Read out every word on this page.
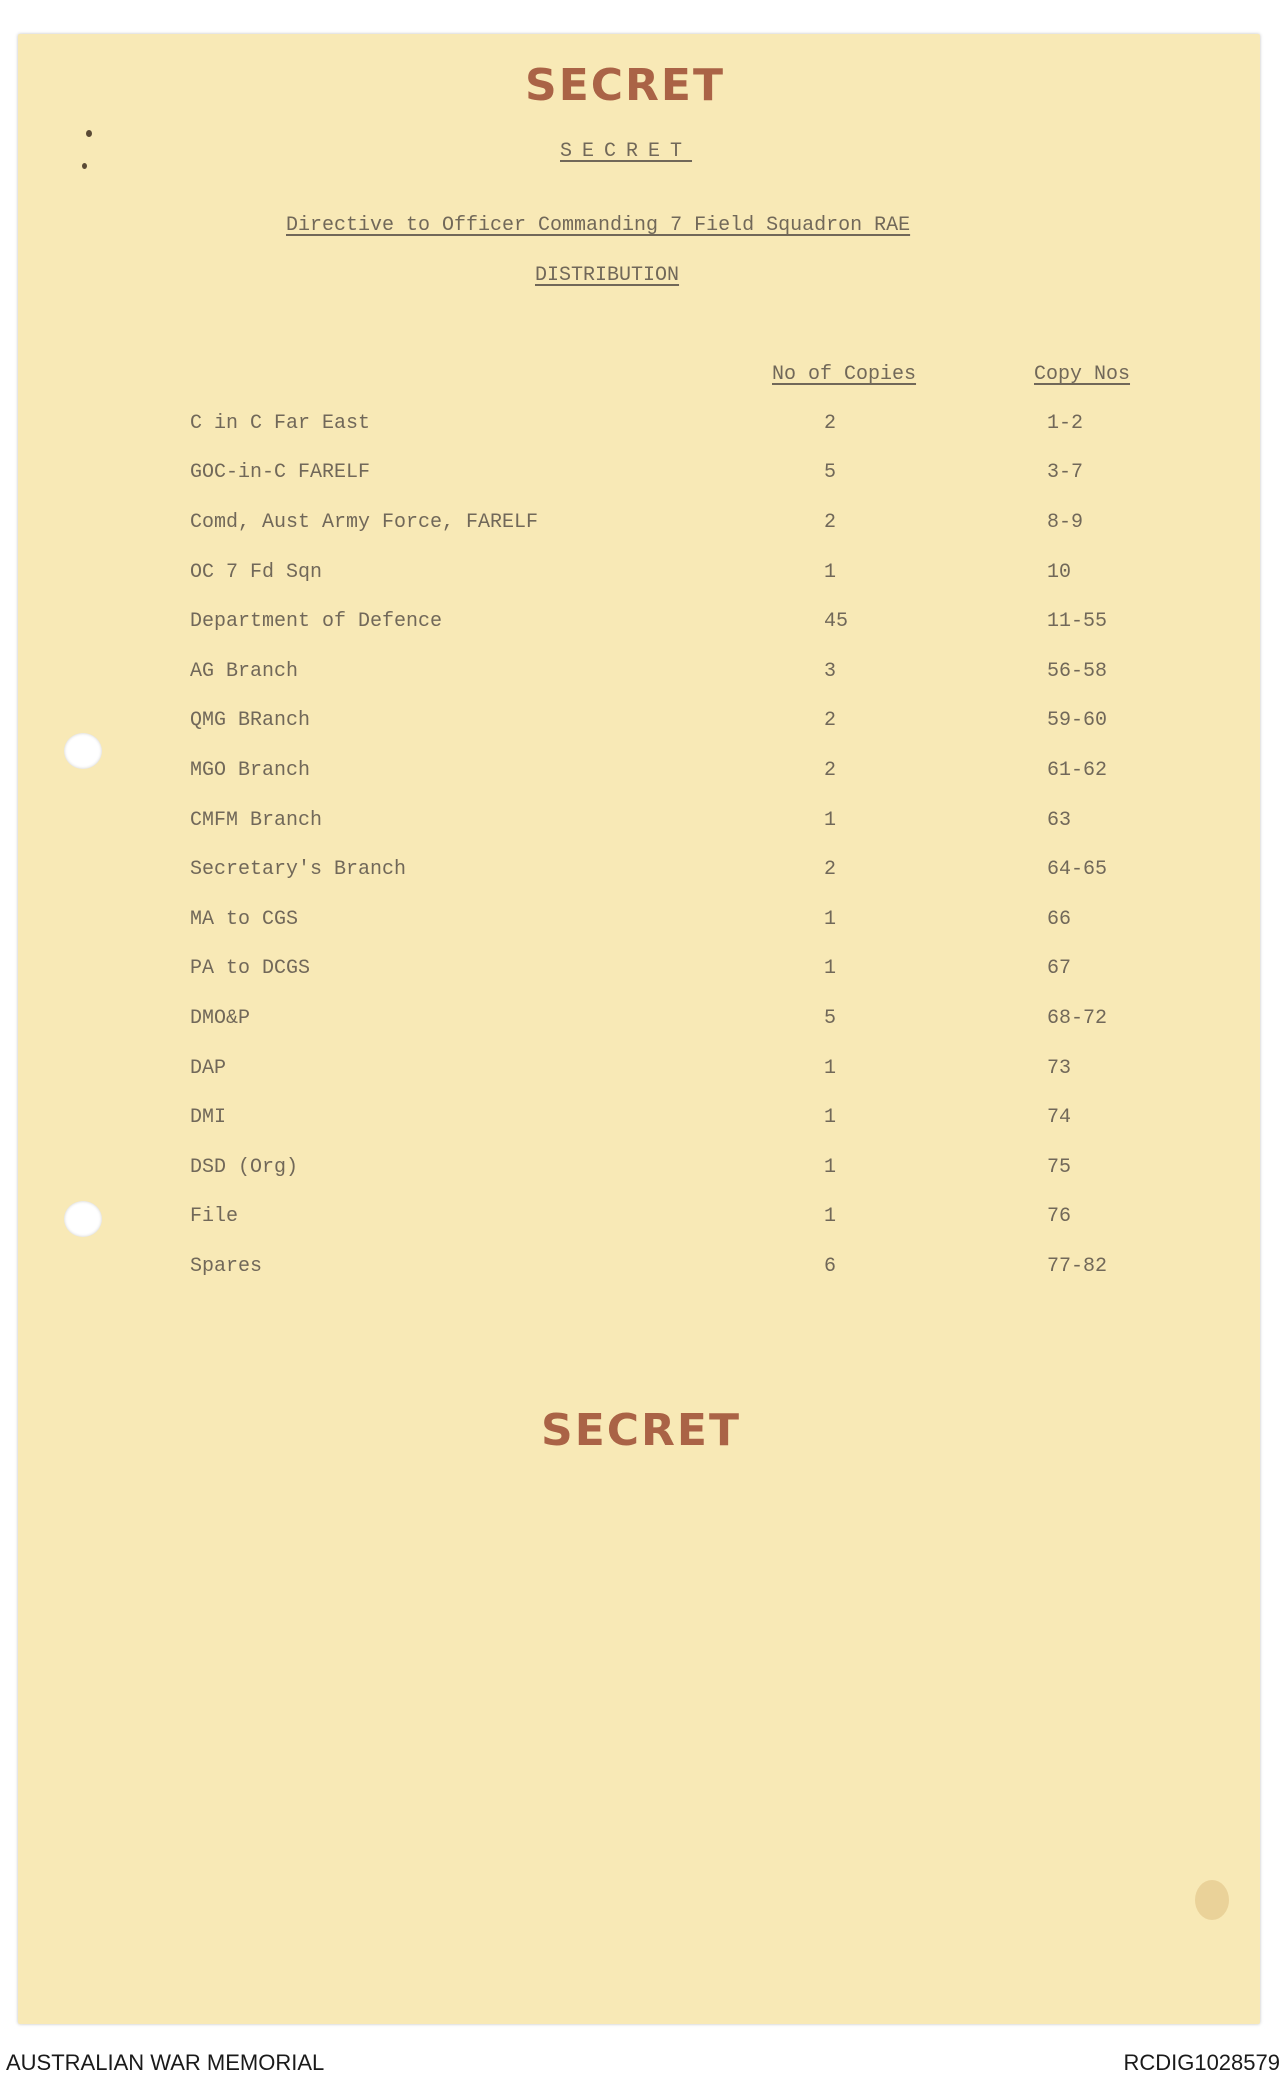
SECRET
SECRET
Directive to Officer Commanding 7 Field Squadron RAE
DISTRIBUTION
No of Copies	Copy Nos
C in C Far East	2	1-2
GOC-in-C FARELF	5	3-7
Comd, Aust Army Force, FARELF	2	8-9
OC 7 Fd Sqn	1	10
Department of Defence	45	11-55
AG Branch	3	56-58
QMG BRanch	2	59-60
MGO Branch	2	61-62
CMFM Branch	1	63
Secretary's Branch	2	64-65
MA to CGS	1	66
PA to DCGS	1	67
DMO&P	5	68-72
DAP	1	73
DMI	1	74
DSD (Org)	1	75
File	1	76
Spares	6	77-82
SECRET
AUSTRALIAN WAR MEMORIAL	RCDIG1028579
